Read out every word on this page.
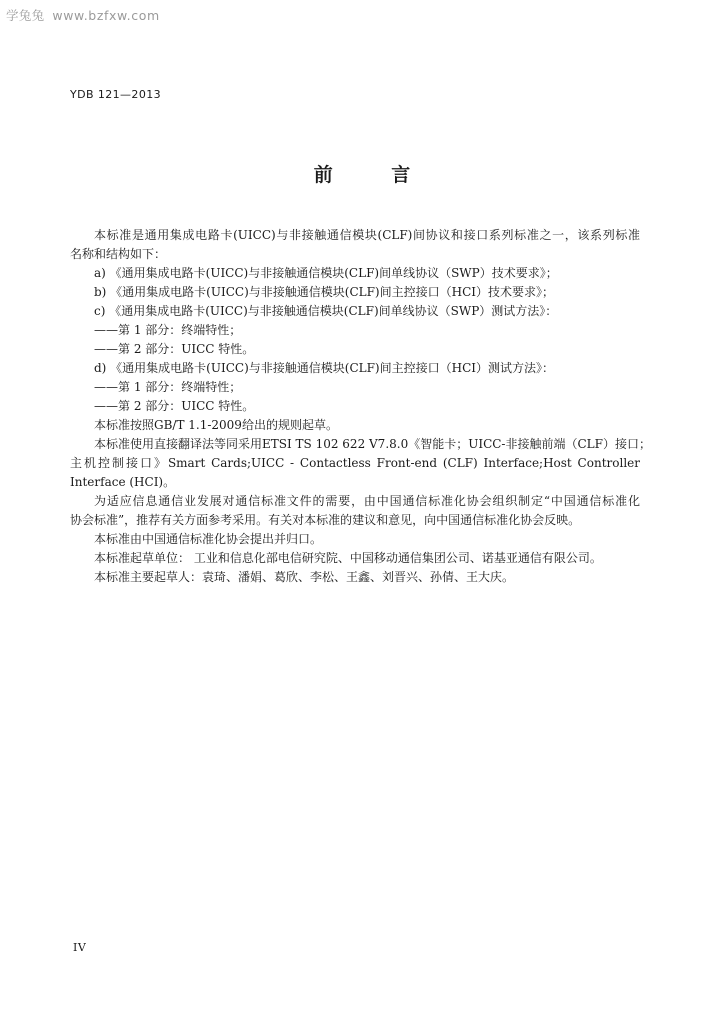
学兔兔 www.bzfxw.com
YDB 121—2013
前 言
本标准是通用集成电路卡(UICC)与非接触通信模块(CLF)间协议和接口系列标准之一，该系列标准
名称和结构如下：
a) 《通用集成电路卡(UICC)与非接触通信模块(CLF)间单线协议（SWP）技术要求》；
b) 《通用集成电路卡(UICC)与非接触通信模块(CLF)间主控接口（HCI）技术要求》；
c) 《通用集成电路卡(UICC)与非接触通信模块(CLF)间单线协议（SWP）测试方法》：
——第 1 部分：终端特性；
——第 2 部分：UICC 特性。
d) 《通用集成电路卡(UICC)与非接触通信模块(CLF)间主控接口（HCI）测试方法》：
——第 1 部分：终端特性；
——第 2 部分：UICC 特性。
本标准按照GB/T 1.1-2009给出的规则起草。
本标准使用直接翻译法等同采用ETSI TS 102 622 V7.8.0《智能卡；UICC-非接触前端（CLF）接口；
主机控制接口》Smart Cards;UICC - Contactless Front-end (CLF) Interface;Host Controller
Interface (HCI)。
为适应信息通信业发展对通信标准文件的需要，由中国通信标准化协会组织制定“中国通信标准化
协会标准”，推荐有关方面参考采用。有关对本标准的建议和意见，向中国通信标准化协会反映。
本标准由中国通信标准化协会提出并归口。
本标准起草单位： 工业和信息化部电信研究院、中国移动通信集团公司、诺基亚通信有限公司。
本标准主要起草人：袁琦、潘娟、葛欣、李松、王鑫、刘晋兴、孙倩、王大庆。
IV
